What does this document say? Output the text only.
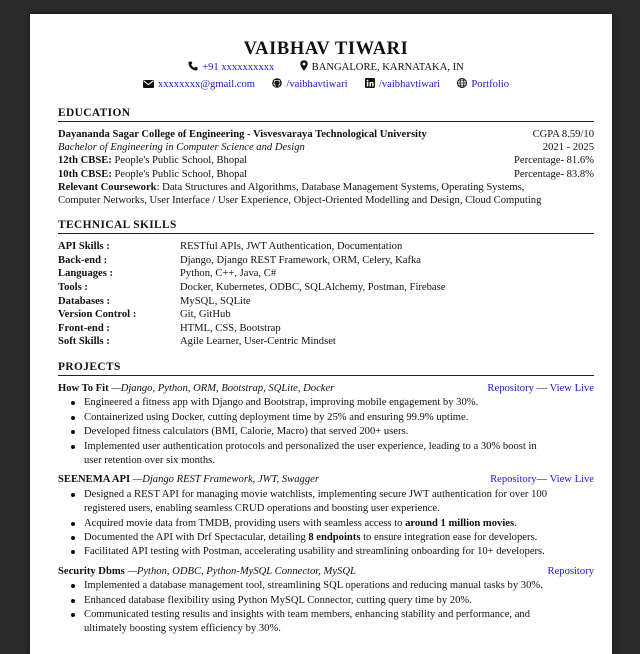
VAIBHAV TIWARI
+91 xxxxxxxxxx	BANGALORE, KARNATAKA, IN
xxxxxxxx@gmail.com	/vaibhavtiwari	/vaibhavtiwari	Portfolio
EDUCATION
Dayananda Sagar College of Engineering - Visvesvaraya Technological University	CGPA 8.59/10
Bachelor of Engineering in Computer Science and Design	2021 - 2025
12th CBSE: People's Public School, Bhopal	Percentage- 81.6%
10th CBSE: People's Public School, Bhopal	Percentage- 83.8%
Relevant Coursework: Data Structures and Algorithms, Database Management Systems, Operating Systems,
Computer Networks, User Interface / User Experience, Object-Oriented Modelling and Design, Cloud Computing
TECHNICAL SKILLS
API Skills :	RESTful APIs, JWT Authentication, Documentation
Back-end :	Django, Django REST Framework, ORM, Celery, Kafka
Languages :	Python, C++, Java, C#
Tools :	Docker, Kubernetes, ODBC, SQLAlchemy, Postman, Firebase
Databases :	MySQL, SQLite
Version Control :	Git, GitHub
Front-end :	HTML, CSS, Bootstrap
Soft Skills :	Agile Learner, User-Centric Mindset
PROJECTS
How To Fit —Django, Python, ORM, Bootstrap, SQLite, Docker	Repository — View Live
Engineered a fitness app with Django and Bootstrap, improving mobile engagement by 30%.
Containerized using Docker, cutting deployment time by 25% and ensuring 99.9% uptime.
Developed fitness calculators (BMI, Calorie, Macro) that served 200+ users.
Implemented user authentication protocols and personalized the user experience, leading to a 30% boost in
user retention over six months.
SEENEMA API —Django REST Framework, JWT, Swagger	Repository— View Live
Designed a REST API for managing movie watchlists, implementing secure JWT authentication for over 100
registered users, enabling seamless CRUD operations and boosting user experience.
Acquired movie data from TMDB, providing users with seamless access to around 1 million movies.
Documented the API with Drf Spectacular, detailing 8 endpoints to ensure integration ease for developers.
Facilitated API testing with Postman, accelerating usability and streamlining onboarding for 10+ developers.
Security Dbms —Python, ODBC, Python-MySQL Connector, MySQL	Repository
Implemented a database management tool, streamlining SQL operations and reducing manual tasks by 30%.
Enhanced database flexibility using Python MySQL Connector, cutting query time by 20%.
Communicated testing results and insights with team members, enhancing stability and performance, and
ultimately boosting system efficiency by 30%.
